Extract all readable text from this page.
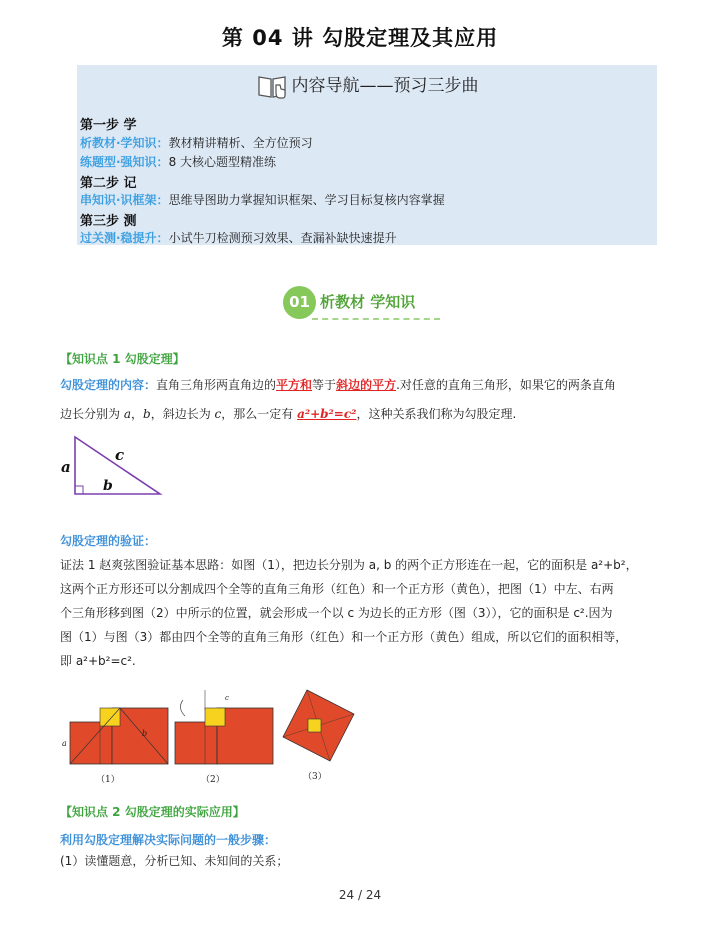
第 04 讲 勾股定理及其应用
内容导航——预习三步曲
第一步 学
析教材·学知识：教材精讲精析、全方位预习
练题型·强知识：8 大核心题型精准练
第二步 记
串知识·识框架：思维导图助力掌握知识框架、学习目标复核内容掌握
第三步 测
过关测·稳提升：小试牛刀检测预习效果、查漏补缺快速提升
01 析教材 学知识
【知识点 1 勾股定理】
勾股定理的内容：直角三角形两直角边的平方和等于斜边的平方.对任意的直角三角形，如果它的两条直角
边长分别为 a，b，斜边长为 c，那么一定有 a²+b²=c²，这种关系我们称为勾股定理.
a
c
b
勾股定理的验证：
证法 1 赵爽弦图验证基本思路：如图（1），把边长分别为 a, b 的两个正方形连在一起，它的面积是 a²+b²，
这两个正方形还可以分割成四个全等的直角三角形（红色）和一个正方形（黄色），把图（1）中左、右两
个三角形移到图（2）中所示的位置，就会形成一个以 c 为边长的正方形（图（3）），它的面积是 c².因为
图（1）与图（3）都由四个全等的直角三角形（红色）和一个正方形（黄色）组成，所以它们的面积相等，
即 a²+b²=c².
a
b
（1）
c
（2）	（3）
【知识点 2 勾股定理的实际应用】
利用勾股定理解决实际问题的一般步骤：
(1）读懂题意，分析已知、未知间的关系；
24 / 24
